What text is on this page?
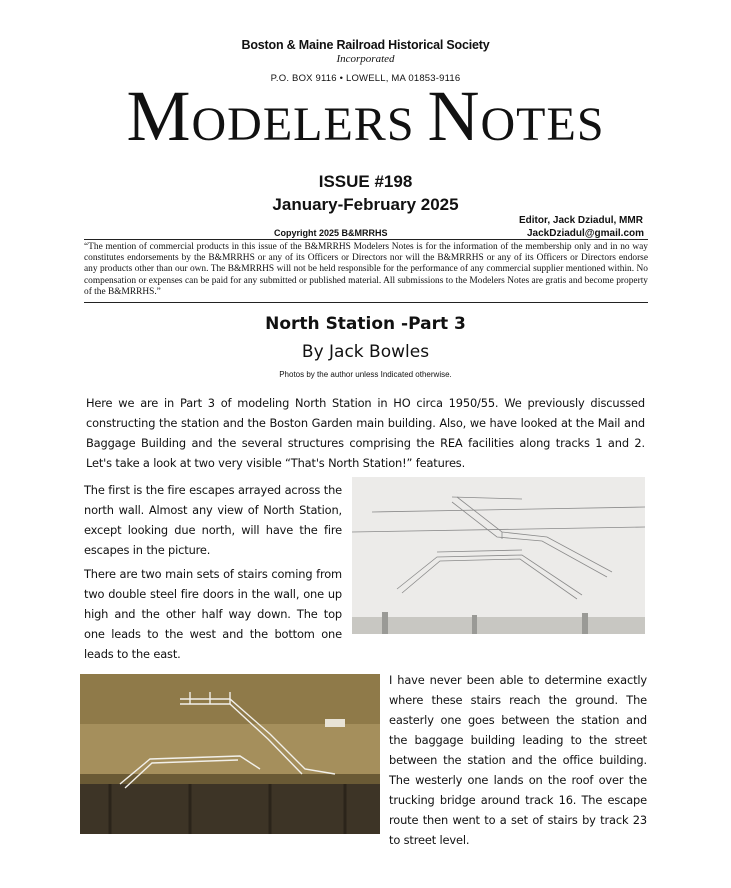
Boston & Maine Railroad Historical Society
Incorporated
P.O. BOX 9116 • LOWELL, MA 01853-9116
MODELERS NOTES
ISSUE #198
January-February 2025
Editor, Jack Dziadul, MMR
Copyright 2025 B&MRRHS	JackDziadul@gmail.com
“The mention of commercial products in this issue of the B&MRRHS Modelers Notes is for the information of the membership only and in no way constitutes endorsements by the B&MRRHS or any of its Officers or Directors nor will the B&MRRHS or any of its Officers or Directors endorse any products other than our own. The B&MRRHS will not be held responsible for the performance of any commercial supplier mentioned within. No compensation or expenses can be paid for any submitted or published material. All submissions to the Modelers Notes are gratis and become property of the B&MRRHS.”
North Station -Part 3
By Jack Bowles
Photos by the author unless Indicated otherwise.
Here we are in Part 3 of modeling North Station in HO circa 1950/55. We previously discussed constructing the station and the Boston Garden main building. Also, we have looked at the Mail and Baggage Building and the several structures comprising the REA facilities along tracks 1 and 2. Let's take a look at two very visible “That's North Station!” features.
The first is the fire escapes arrayed across the north wall. Almost any view of North Station, except looking due north, will have the fire escapes in the picture.
There are two main sets of stairs coming from two double steel fire doors in the wall, one up high and the other half way down. The top one leads to the west and the bottom one leads to the east.
I have never been able to determine exactly where these stairs reach the ground. The easterly one goes between the station and the baggage building leading to the street between the station and the office building. The westerly one lands on the roof over the trucking bridge around track 16. The escape route then went to a set of stairs by track 23 to street level.
